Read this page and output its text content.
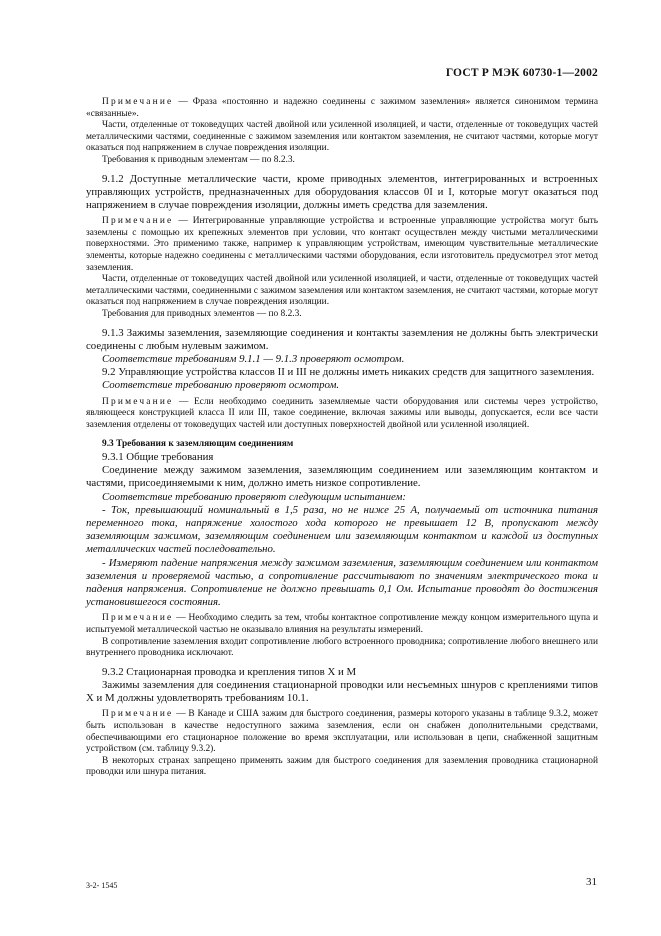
ГОСТ Р МЭК 60730-1—2002

Примечание — Фраза «постоянно и надежно соединены с зажимом заземления» является синонимом термина «связанные».

Части, отделенные от токоведущих частей двойной или усиленной изоляцией, и части, отделенные от токоведущих частей металлическими частями, соединенные с зажимом заземления или контактом заземления, не считают частями, которые могут оказаться под напряжением в случае повреждения изоляции.

Требования к приводным элементам — по 8.2.3.

9.1.2 Доступные металлические части, кроме приводных элементов, интегрированных и встроенных управляющих устройств, предназначенных для оборудования классов 0I и I, которые могут оказаться под напряжением в случае повреждения изоляции, должны иметь средства для заземления.

Примечание — Интегрированные управляющие устройства и встроенные управляющие устройства могут быть заземлены с помощью их крепежных элементов при условии, что контакт осуществлен между чистыми металлическими поверхностями. Это применимо также, например к управляющим устройствам, имеющим чувствительные металлические элементы, которые надежно соединены с металлическими частями оборудования, если изготовитель предусмотрел этот метод заземления.

Части, отделенные от токоведущих частей двойной или усиленной изоляцией, и части, отделенные от токоведущих частей металлическими частями, соединенными с зажимом заземления или контактом заземления, не считают частями, которые могут оказаться под напряжением в случае повреждения изоляции.

Требования для приводных элементов — по 8.2.3.

9.1.3 Зажимы заземления, заземляющие соединения и контакты заземления не должны быть электрически соединены с любым нулевым зажимом.

Соответствие требованиям 9.1.1 — 9.1.3 проверяют осмотром.

9.2 Управляющие устройства классов II и III не должны иметь никаких средств для защитного заземления.

Соответствие требованию проверяют осмотром.

Примечание — Если необходимо соединить заземляемые части оборудования или системы через устройство, являющееся конструкцией класса II или III, такое соединение, включая зажимы или выводы, допускается, если все части заземления отделены от токоведущих частей или доступных поверхностей двойной или усиленной изоляцией.

9.3 Требования к заземляющим соединениям

9.3.1 Общие требования

Соединение между зажимом заземления, заземляющим соединением или заземляющим контактом и частями, присоединяемыми к ним, должно иметь низкое сопротивление.

Соответствие требованию проверяют следующим испытанием:

- Ток, превышающий номинальный в 1,5 раза, но не ниже 25 А, получаемый от источника питания переменного тока, напряжение холостого хода которого не превышает 12 В, пропускают между заземляющим зажимом, заземляющим соединением или заземляющим контактом и каждой из доступных металлических частей последовательно.

- Измеряют падение напряжения между зажимом заземления, заземляющим соединением или контактом заземления и проверяемой частью, а сопротивление рассчитывают по значениям электрического тока и падения напряжения. Сопротивление не должно превышать 0,1 Ом. Испытание проводят до достижения установившегося состояния.

Примечание — Необходимо следить за тем, чтобы контактное сопротивление между концом измерительного щупа и испытуемой металлической частью не оказывало влияния на результаты измерений.

В сопротивление заземления входит сопротивление любого встроенного проводника; сопротивление любого внешнего или внутреннего проводника исключают.

9.3.2 Стационарная проводка и крепления типов X и M

Зажимы заземления для соединения стационарной проводки или несъемных шнуров с креплениями типов X и M должны удовлетворять требованиям 10.1.

Примечание — В Канаде и США зажим для быстрого соединения, размеры которого указаны в таблице 9.3.2, может быть использован в качестве недоступного зажима заземления, если он снабжен дополнительными средствами, обеспечивающими его стационарное положение во время эксплуатации, или использован в цепи, снабженной защитным устройством (см. таблицу 9.3.2).

В некоторых странах запрещено применять зажим для быстрого соединения для заземления проводника стационарной проводки или шнура питания.

3-2- 1545	31
